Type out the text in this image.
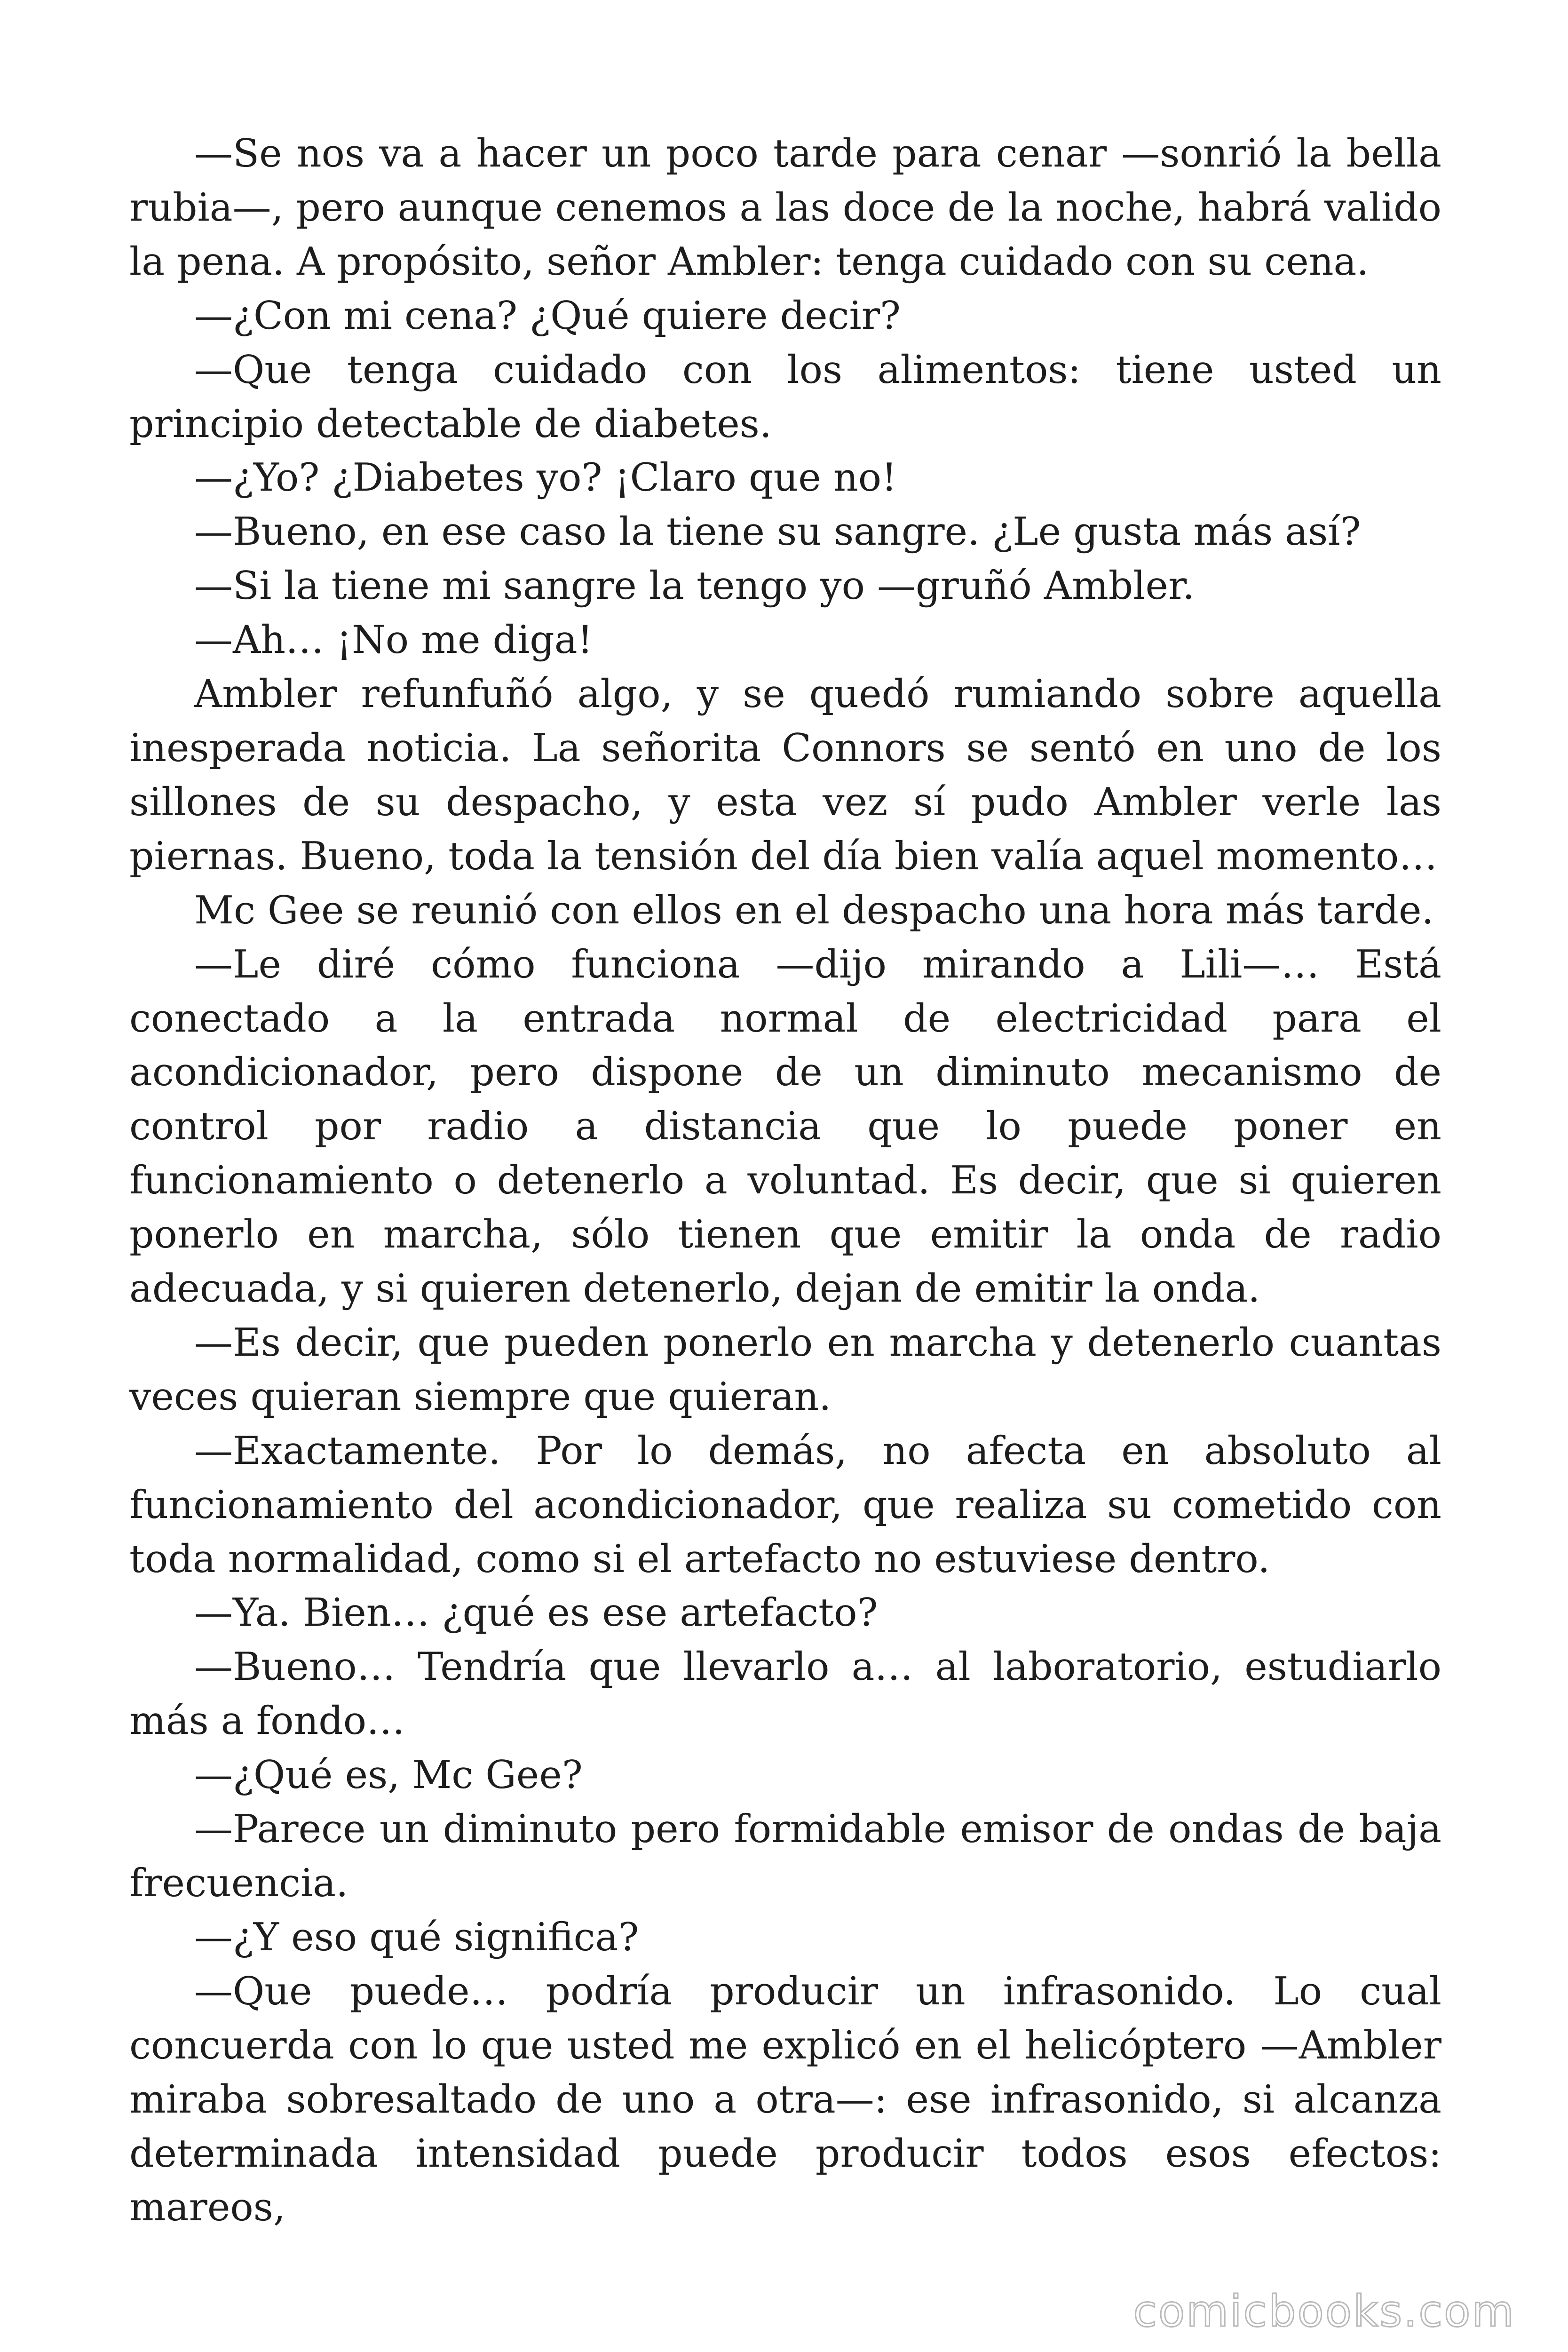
—Se nos va a hacer un poco tarde para cenar —sonrió la bella rubia—, pero aunque cenemos a las doce de la noche, habrá valido la pena. A propósito, señor Ambler: tenga cuidado con su cena.

—¿Con mi cena? ¿Qué quiere decir?

—Que tenga cuidado con los alimentos: tiene usted un principio detectable de diabetes.

—¿Yo? ¿Diabetes yo? ¡Claro que no!

—Bueno, en ese caso la tiene su sangre. ¿Le gusta más así?

—Si la tiene mi sangre la tengo yo —gruñó Ambler.

—Ah… ¡No me diga!

Ambler refunfuñó algo, y se quedó rumiando sobre aquella inesperada noticia. La señorita Connors se sentó en uno de los sillones de su despacho, y esta vez sí pudo Ambler verle las piernas. Bueno, toda la tensión del día bien valía aquel momento…

Mc Gee se reunió con ellos en el despacho una hora más tarde.

—Le diré cómo funciona —dijo mirando a Lili—… Está conectado a la entrada normal de electricidad para el acondicionador, pero dispone de un diminuto mecanismo de control por radio a distancia que lo puede poner en funcionamiento o detenerlo a voluntad. Es decir, que si quieren ponerlo en marcha, sólo tienen que emitir la onda de radio adecuada, y si quieren detenerlo, dejan de emitir la onda.

—Es decir, que pueden ponerlo en marcha y detenerlo cuantas veces quieran siempre que quieran.

—Exactamente. Por lo demás, no afecta en absoluto al funcionamiento del acondicionador, que realiza su cometido con toda normalidad, como si el artefacto no estuviese dentro.

—Ya. Bien… ¿qué es ese artefacto?

—Bueno… Tendría que llevarlo a… al laboratorio, estudiarlo más a fondo…

—¿Qué es, Mc Gee?

—Parece un diminuto pero formidable emisor de ondas de baja frecuencia.

—¿Y eso qué significa?

—Que puede… podría producir un infrasonido. Lo cual concuerda con lo que usted me explicó en el helicóptero —Ambler miraba sobresaltado de uno a otra—: ese infrasonido, si alcanza determinada intensidad puede producir todos esos efectos: mareos,

comicbooks.com
